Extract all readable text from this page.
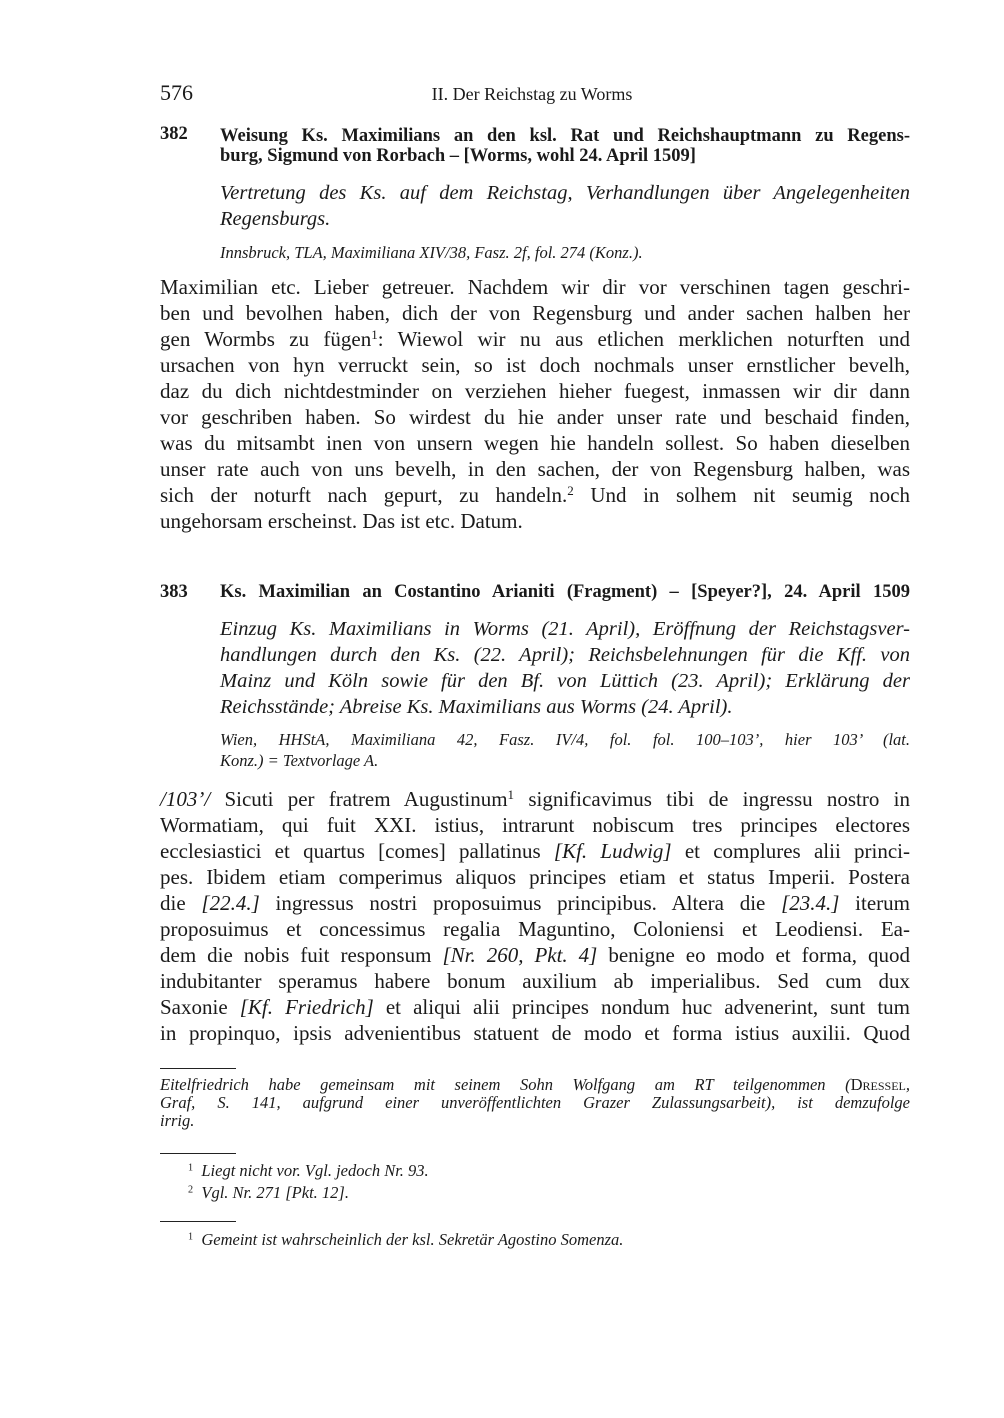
576	II. Der Reichstag zu Worms
382 Weisung Ks. Maximilians an den ksl. Rat und Reichshauptmann zu Regens-
burg, Sigmund von Rorbach – [Worms, wohl 24. April 1509]
Vertretung des Ks. auf dem Reichstag, Verhandlungen über Angelegenheiten
Regensburgs.
Innsbruck, TLA, Maximiliana XIV/38, Fasz. 2f, fol. 274 (Konz.).
Maximilian etc. Lieber getreuer. Nachdem wir dir vor verschinen tagen geschri-
ben und bevolhen haben, dich der von Regensburg und ander sachen halben her
gen Wormbs zu fügen$^1$: Wiewol wir nu aus etlichen merklichen noturften und
ursachen von hyn verruckt sein, so ist doch nochmals unser ernstlicher bevelh,
daz du dich nichtdestminder on verziehen hieher fuegest, inmassen wir dir dann
vor geschriben haben. So wirdest du hie ander unser rate und beschaid finden,
was du mitsambt inen von unsern wegen hie handeln sollest. So haben dieselben
unser rate auch von uns bevelh, in den sachen, der von Regensburg halben, was
sich der noturft nach gepurt, zu handeln.$^2$ Und in solhem nit seumig noch
ungehorsam erscheinst. Das ist etc. Datum.
383 Ks. Maximilian an Costantino Arianiti (Fragment) – [Speyer?], 24. April 1509
Einzug Ks. Maximilians in Worms (21. April), Eröffnung der Reichstagsver-
handlungen durch den Ks. (22. April); Reichsbelehnungen für die Kff. von
Mainz und Köln sowie für den Bf. von Lüttich (23. April); Erklärung der
Reichsstände; Abreise Ks. Maximilians aus Worms (24. April).
Wien, HHStA, Maximiliana 42, Fasz. IV/4, fol. fol. 100–103’, hier 103’ (lat.
Konz.) = Textvorlage A.
/103’/ Sicuti per fratrem Augustinum$^1$ significavimus tibi de ingressu nostro in
Wormatiam, qui fuit XXI. istius, intrarunt nobiscum tres principes electores
ecclesiastici et quartus [comes] pallatinus [Kf. Ludwig] et complures alii princi-
pes. Ibidem etiam comperimus aliquos principes etiam et status Imperii. Postera
die [22.4.] ingressus nostri proposuimus principibus. Altera die [23.4.] iterum
proposuimus et concessimus regalia Maguntino, Coloniensi et Leodiensi. Ea-
dem die nobis fuit responsum [Nr. 260, Pkt. 4] benigne eo modo et forma, quod
indubitanter speramus habere bonum auxilium ab imperialibus. Sed cum dux
Saxonie [Kf. Friedrich] et aliqui alii principes nondum huc advenerint, sunt tum
in propinquo, ipsis advenientibus statuent de modo et forma istius auxilii. Quod
Eitelfriedrich habe gemeinsam mit seinem Sohn Wolfgang am RT teilgenommen (Dressel,
Graf, S. 141, aufgrund einer unveröffentlichten Grazer Zulassungsarbeit), ist demzufolge
irrig.
$^1$ Liegt nicht vor. Vgl. jedoch Nr. 93.
$^2$ Vgl. Nr. 271 [Pkt. 12].
$^1$ Gemeint ist wahrscheinlich der ksl. Sekretär Agostino Somenza.
